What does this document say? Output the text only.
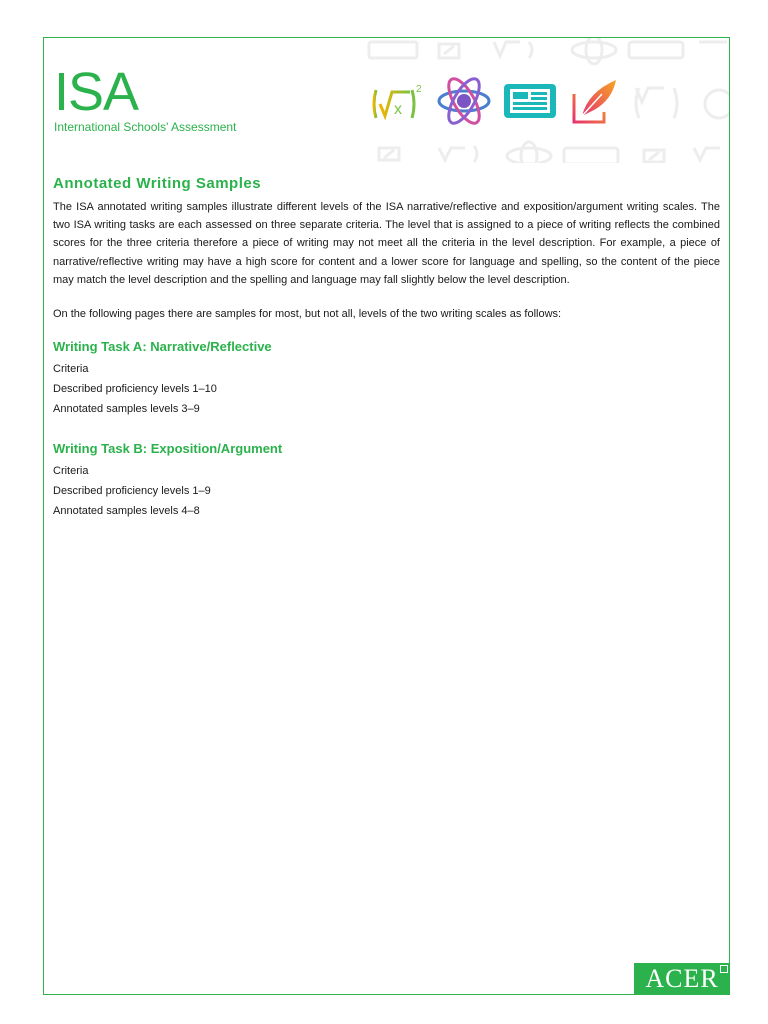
ISA
International Schools' Assessment
x
2
Annotated Writing Samples

The ISA annotated writing samples illustrate different levels of the ISA narrative/reflective and exposition/argument writing scales. The two ISA writing tasks are each assessed on three separate criteria. The level that is assigned to a piece of writing reflects the combined scores for the three criteria therefore a piece of writing may not meet all the criteria in the level description. For example, a piece of narrative/reflective writing may have a high score for content and a lower score for language and spelling, so the content of the piece may match the level description and the spelling and language may fall slightly below the level description.

On the following pages there are samples for most, but not all, levels of the two writing scales as follows:

Writing Task A: Narrative/Reflective
Criteria
Described proficiency levels 1–10
Annotated samples levels 3–9
Writing Task B: Exposition/Argument
Criteria
Described proficiency levels 1–9
Annotated samples levels 4–8
ACER
